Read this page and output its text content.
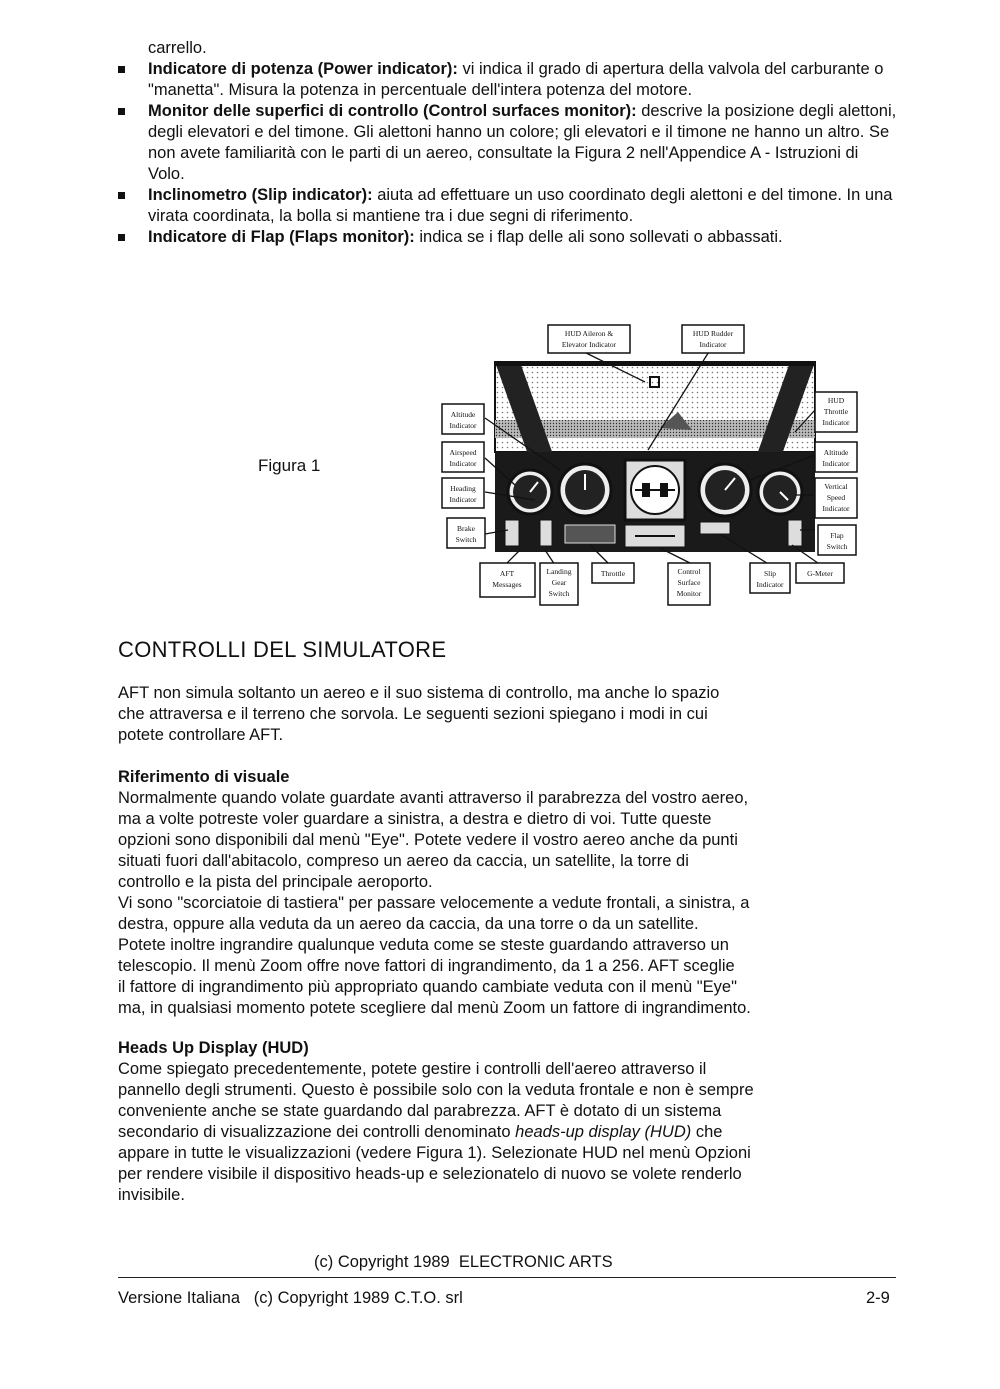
carrello.
Indicatore di potenza (Power indicator): vi indica il grado di apertura della valvola del carburante o "manetta". Misura la potenza in percentuale dell'intera potenza del motore.
Monitor delle superfici di controllo (Control surfaces monitor): descrive la posizione degli alettoni, degli elevatori e del timone. Gli alettoni hanno un colore; gli elevatori e il timone ne hanno un altro. Se non avete familiarità con le parti di un aereo, consultate la Figura 2 nell'Appendice A - Istruzioni di Volo.
Inclinometro (Slip indicator): aiuta ad effettuare un uso coordinato degli alettoni e del timone. In una virata coordinata, la bolla si mantiene tra i due segni di riferimento.
Indicatore di Flap (Flaps monitor): indica se i flap delle ali sono sollevati o abbassati.
Figura 1
HUD Aileron &
Elevator Indicator
HUD Rudder
Indicator
HUD
Throttle
Indicator
Altitude
Indicator
Airspeed
Indicator
Heading
Indicator
Brake
Switch
Altitude
Indicator
Vertical
Speed
Indicator
Flap
Switch
AFT
Messages
Landing
Gear
Switch
Throttle	Control
Surface
Monitor
Slip
Indicator
G-Meter
CONTROLLI DEL SIMULATORE
AFT non simula soltanto un aereo e il suo sistema di controllo, ma anche lo spazio
che attraversa e il terreno che sorvola. Le seguenti sezioni spiegano i modi in cui
potete controllare AFT.
Riferimento di visuale
Normalmente quando volate guardate avanti attraverso il parabrezza del vostro aereo,
ma a volte potreste voler guardare a sinistra, a destra e dietro di voi. Tutte queste
opzioni sono disponibili dal menù "Eye". Potete vedere il vostro aereo anche da punti
situati fuori dall'abitacolo, compreso un aereo da caccia, un satellite, la torre di
controllo e la pista del principale aeroporto.
Vi sono "scorciatoie di tastiera" per passare velocemente a vedute frontali, a sinistra, a
destra, oppure alla veduta da un aereo da caccia, da una torre o da un satellite.
Potete inoltre ingrandire qualunque veduta come se steste guardando attraverso un
telescopio. Il menù Zoom offre nove fattori di ingrandimento, da 1 a 256. AFT sceglie
il fattore di ingrandimento più appropriato quando cambiate veduta con il menù "Eye"
ma, in qualsiasi momento potete scegliere dal menù Zoom un fattore di ingrandimento.
Heads Up Display (HUD)
Come spiegato precedentemente, potete gestire i controlli dell'aereo attraverso il
pannello degli strumenti. Questo è possibile solo con la veduta frontale e non è sempre
conveniente anche se state guardando dal parabrezza. AFT è dotato di un sistema
secondario di visualizzazione dei controlli denominato heads-up display (HUD) che
appare in tutte le visualizzazioni (vedere Figura 1). Selezionate HUD nel menù Opzioni
per rendere visibile il dispositivo heads-up e selezionatelo di nuovo se volete renderlo
invisibile.
(c) Copyright 1989  ELECTRONIC ARTS
Versione Italiana   (c) Copyright 1989 C.T.O. srl	2-9
